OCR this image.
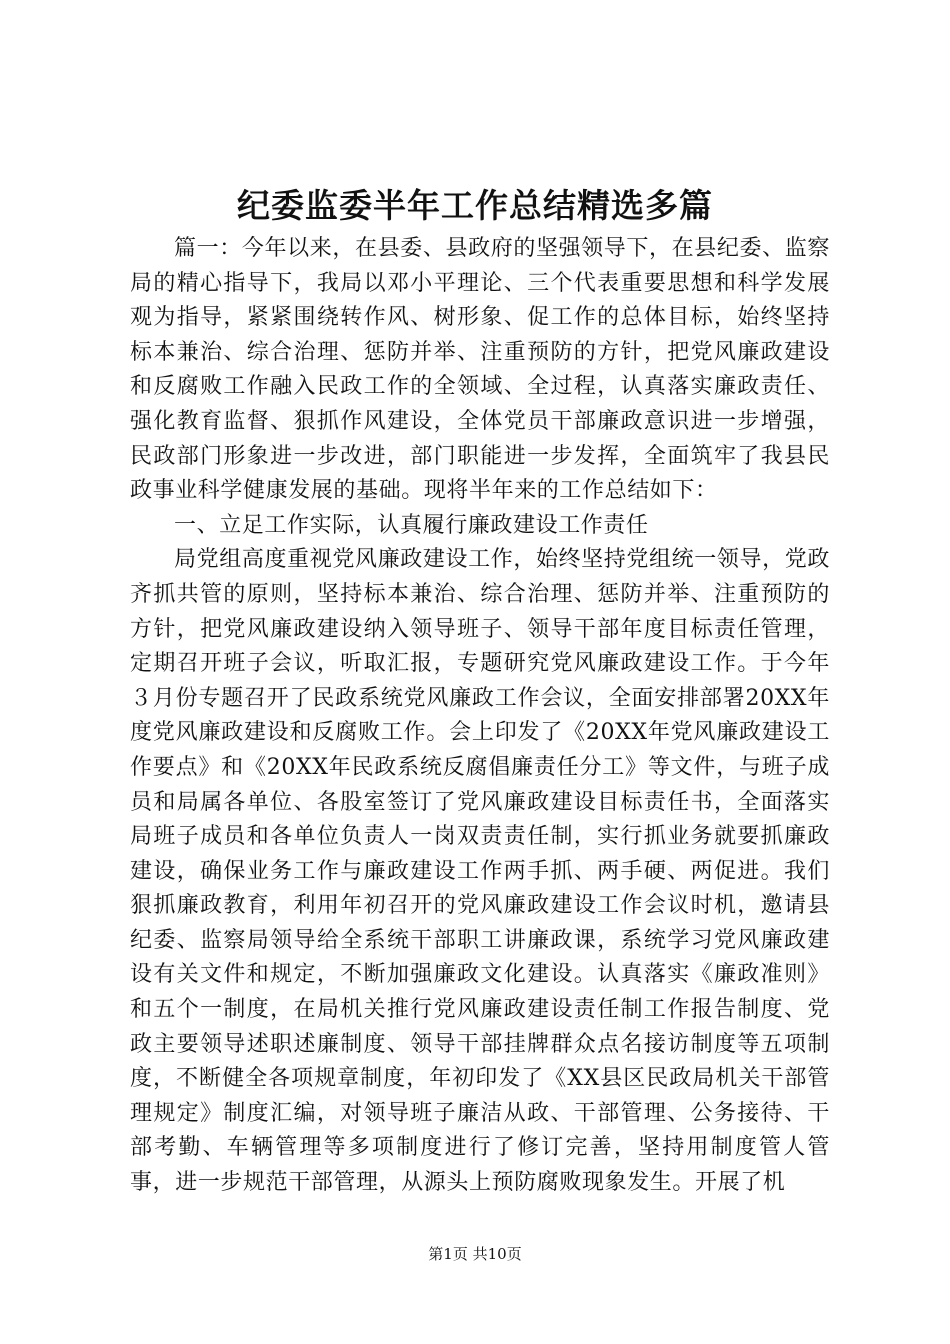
纪委监委半年工作总结精选多篇

篇一：今年以来，在县委、县政府的坚强领导下，在县纪委、监察局的精心指导下，我局以邓小平理论、三个代表重要思想和科学发展观为指导，紧紧围绕转作风、树形象、促工作的总体目标，始终坚持标本兼治、综合治理、惩防并举、注重预防的方针，把党风廉政建设和反腐败工作融入民政工作的全领域、全过程，认真落实廉政责任、强化教育监督、狠抓作风建设，全体党员干部廉政意识进一步增强，民政部门形象进一步改进，部门职能进一步发挥，全面筑牢了我县民政事业科学健康发展的基础。现将半年来的工作总结如下：

一、立足工作实际，认真履行廉政建设工作责任

局党组高度重视党风廉政建设工作，始终坚持党组统一领导，党政齐抓共管的原则，坚持标本兼治、综合治理、惩防并举、注重预防的方针，把党风廉政建设纳入领导班子、领导干部年度目标责任管理，定期召开班子会议，听取汇报，专题研究党风廉政建设工作。于今年３月份专题召开了民政系统党风廉政工作会议，全面安排部署20XX年度党风廉政建设和反腐败工作。会上印发了《20XX年党风廉政建设工作要点》和《20XX年民政系统反腐倡廉责任分工》等文件，与班子成员和局属各单位、各股室签订了党风廉政建设目标责任书，全面落实局班子成员和各单位负责人一岗双责责任制，实行抓业务就要抓廉政建设，确保业务工作与廉政建设工作两手抓、两手硬、两促进。我们狠抓廉政教育，利用年初召开的党风廉政建设工作会议时机，邀请县纪委、监察局领导给全系统干部职工讲廉政课，系统学习党风廉政建设有关文件和规定，不断加强廉政文化建设。认真落实《廉政准则》和五个一制度，在局机关推行党风廉政建设责任制工作报告制度、党政主要领导述职述廉制度、领导干部挂牌群众点名接访制度等五项制度，不断健全各项规章制度，年初印发了《XX县区民政局机关干部管理规定》制度汇编，对领导班子廉洁从政、干部管理、公务接待、干部考勤、车辆管理等多项制度进行了修订完善，坚持用制度管人管事，进一步规范干部管理，从源头上预防腐败现象发生。开展了机

第1页 共10页
